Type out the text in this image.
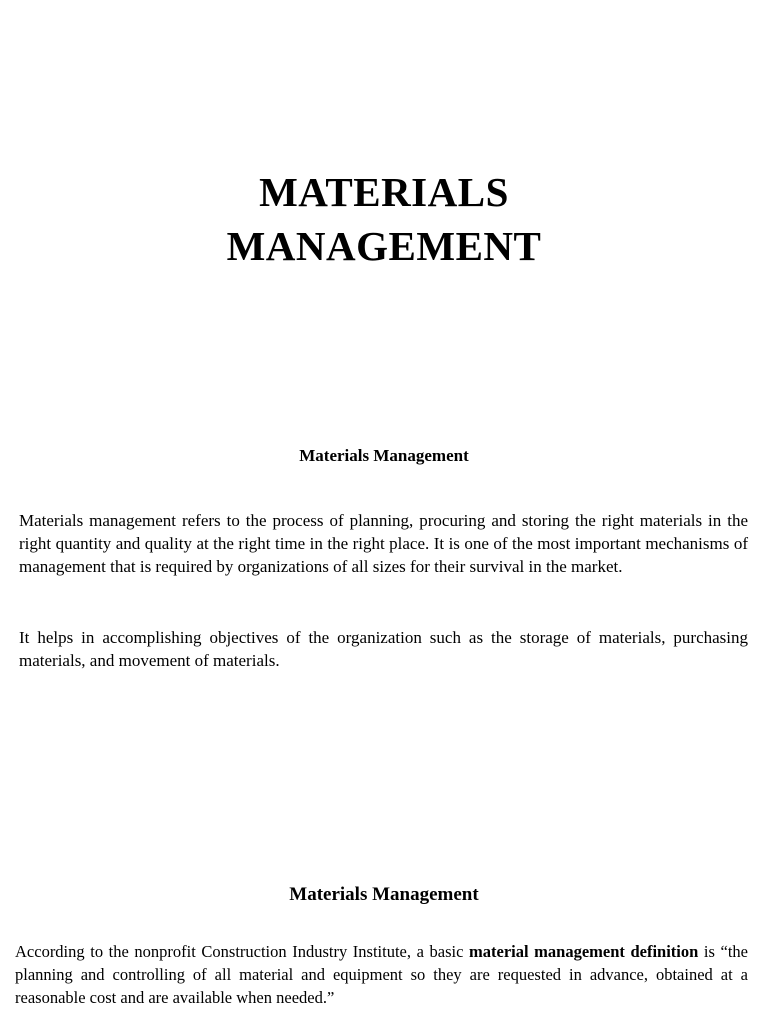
MATERIALS
MANAGEMENT
Materials Management

Materials management refers to the process of planning, procuring and storing the right materials in the right quantity and quality at the right time in the right place. It is one of the most important mechanisms of management that is required by organizations of all sizes for their survival in the market.

It helps in accomplishing objectives of the organization such as the storage of materials, purchasing materials, and movement of materials.

Materials Management

According to the nonprofit Construction Industry Institute, a basic material management definition is “the planning and controlling of all material and equipment so they are requested in advance, obtained at a reasonable cost and are available when needed.”
